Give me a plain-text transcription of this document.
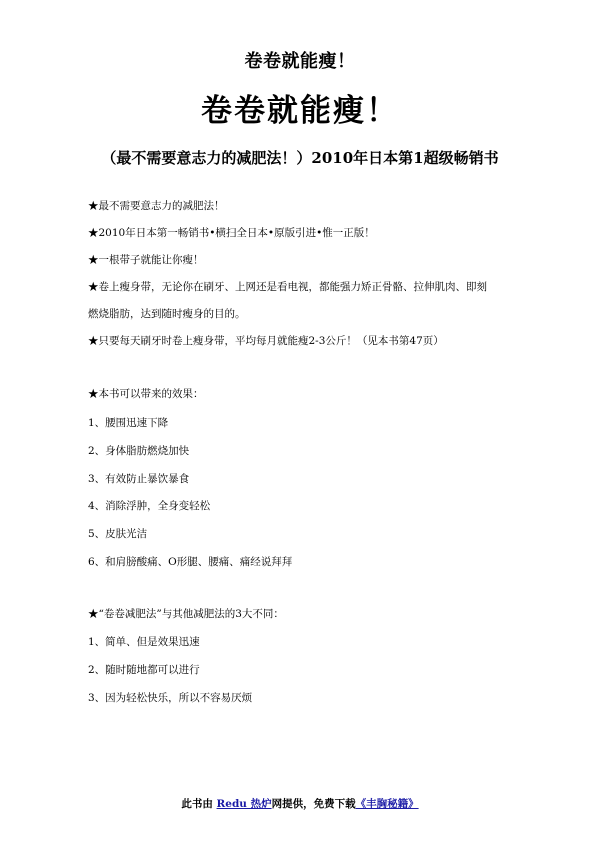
卷卷就能瘦！
卷卷就能瘦！
（最不需要意志力的减肥法！）2010年日本第1超级畅销书
★最不需要意志力的减肥法！
★2010年日本第一畅销书•横扫全日本•原版引进•惟一正版！
★一根带子就能让你瘦！
★卷上瘦身带，无论你在刷牙、上网还是看电视，都能强力矫正骨骼、拉伸肌肉、即刻
燃烧脂肪，达到随时瘦身的目的。
★只要每天刷牙时卷上瘦身带，平均每月就能瘦2-3公斤！（见本书第47页）
★本书可以带来的效果：
1、腰围迅速下降
2、身体脂肪燃烧加快
3、有效防止暴饮暴食
4、消除浮肿，全身变轻松
5、皮肤光洁
6、和肩膀酸痛、O形腿、腰痛、痛经说拜拜
★“卷卷减肥法”与其他减肥法的3大不同：
1、简单、但是效果迅速
2、随时随地都可以进行
3、因为轻松快乐，所以不容易厌烦
此书由 Redu 热炉网提供，免费下载《丰胸秘籍》
